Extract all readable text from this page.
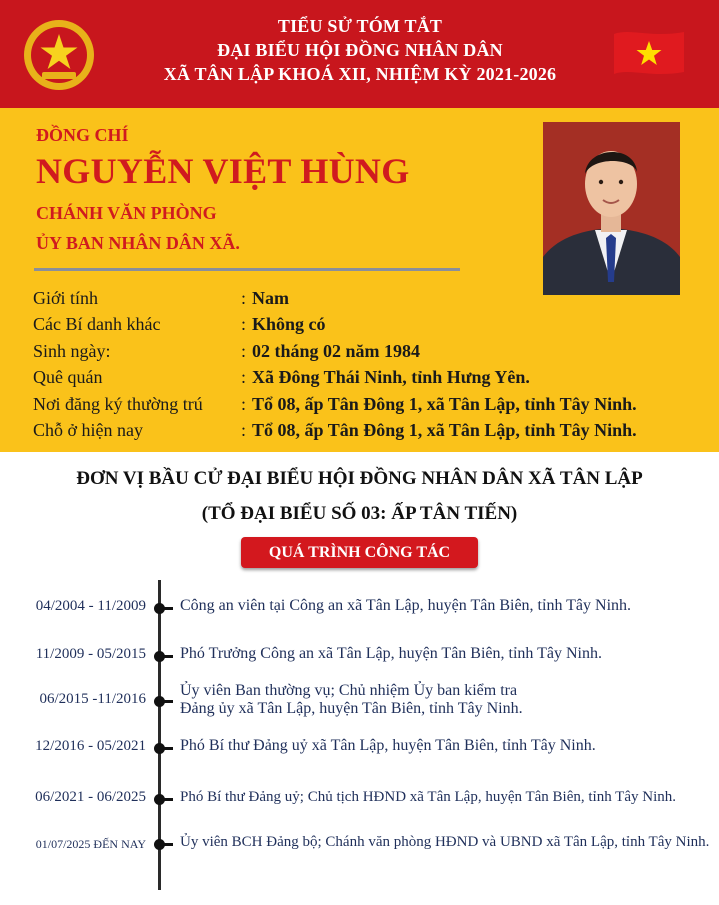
TIỂU SỬ TÓM TẮT
ĐẠI BIỂU HỘI ĐỒNG NHÂN DÂN
XÃ TÂN LẬP KHOÁ XII, NHIỆM KỲ 2021-2026
ĐỒNG CHÍ
NGUYỄN VIỆT HÙNG
CHÁNH VĂN PHÒNG
ỦY BAN NHÂN DÂN XÃ.
Giới tính	: Nam
Các Bí danh khác	: Không có
Sinh ngày:	: 02 tháng 02 năm 1984
Quê quán	: Xã Đông Thái Ninh, tỉnh Hưng Yên.
Nơi đăng ký thường trú : Tổ 08, ấp Tân Đông 1, xã Tân Lập, tỉnh Tây Ninh.
Chỗ ở hiện nay	: Tổ 08, ấp Tân Đông 1, xã Tân Lập, tỉnh Tây Ninh.
ĐƠN VỊ BẦU CỬ ĐẠI BIỂU HỘI ĐỒNG NHÂN DÂN XÃ TÂN LẬP
(TỔ ĐẠI BIỂU SỐ 03: ẤP TÂN TIẾN)
QUÁ TRÌNH CÔNG TÁC
04/2004 - 11/2009 Công an viên tại Công an xã Tân Lập, huyện Tân Biên, tỉnh Tây Ninh.
11/2009 - 05/2015 Phó Trưởng Công an xã Tân Lập, huyện Tân Biên, tỉnh Tây Ninh.
06/2015 -11/2016 Ủy viên Ban thường vụ; Chủ nhiệm Ủy ban kiểm tra
Đảng ủy xã Tân Lập, huyện Tân Biên, tỉnh Tây Ninh.
12/2016 - 05/2021 Phó Bí thư Đảng uỷ xã Tân Lập, huyện Tân Biên, tỉnh Tây Ninh.
06/2021 - 06/2025 Phó Bí thư Đảng uỷ; Chủ tịch HĐND xã Tân Lập, huyện Tân Biên, tỉnh Tây Ninh.
01/07/2025 ĐẾN NAY Ủy viên BCH Đảng bộ; Chánh văn phòng HĐND và UBND xã Tân Lập, tỉnh Tây Ninh.
